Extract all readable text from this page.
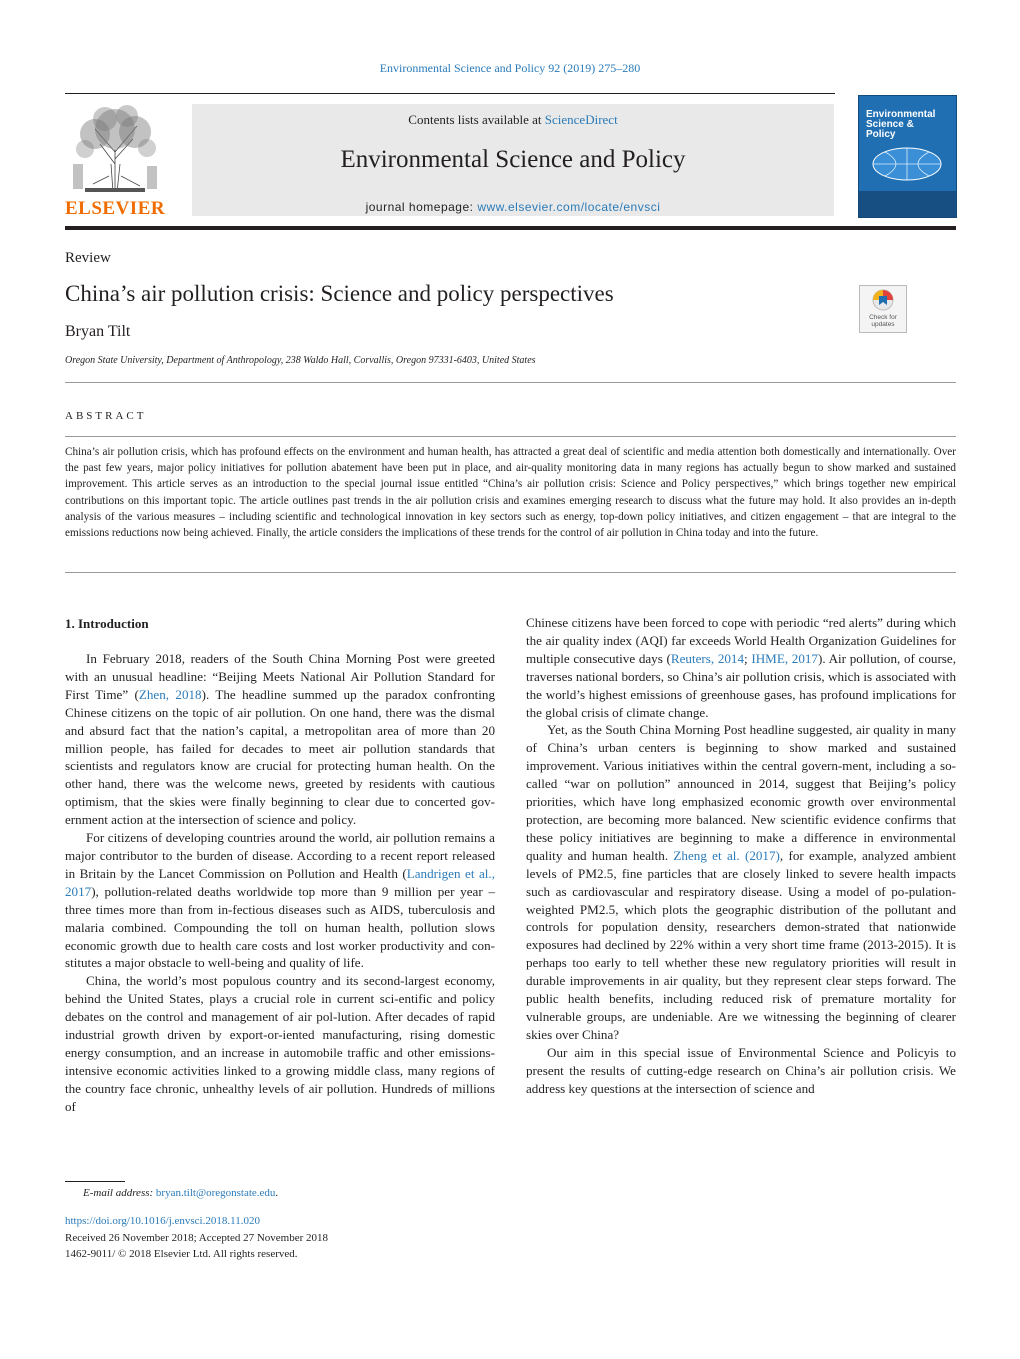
Environmental Science and Policy 92 (2019) 275–280
ELSEVIER
Contents lists available at ScienceDirect
Environmental Science and Policy
journal homepage: www.elsevier.com/locate/envsci
Environmental
Science &
Policy
Review
China’s air pollution crisis: Science and policy perspectives
Bryan Tilt
Oregon State University, Department of Anthropology, 238 Waldo Hall, Corvallis, Oregon 97331-6403, United States
Check for updates
ABSTRACT
China’s air pollution crisis, which has profound effects on the environment and human health, has attracted a great deal of scientific and media attention both domestically and internationally. Over the past few years, major policy initiatives for pollution abatement have been put in place, and air-quality monitoring data in many regions has actually begun to show marked and sustained improvement. This article serves as an introduction to the special journal issue entitled “China’s air pollution crisis: Science and Policy perspectives,” which brings together new empirical contributions on this important topic. The article outlines past trends in the air pollution crisis and examines emerging research to discuss what the future may hold. It also provides an in-depth analysis of the various measures – including scientific and technological innovation in key sectors such as energy, top-down policy initiatives, and citizen engagement – that are integral to the emissions reductions now being achieved. Finally, the article considers the implications of these trends for the control of air pollution in China today and into the future.
1. Introduction

In February 2018, readers of the South China Morning Post were greeted with an unusual headline: “Beijing Meets National Air Pollution Standard for First Time” (Zhen, 2018). The headline summed up the paradox confronting Chinese citizens on the topic of air pollution. On one hand, there was the dismal and absurd fact that the nation’s capital, a metropolitan area of more than 20 million people, has failed for decades to meet air pollution standards that scientists and regulators know are crucial for protecting human health. On the other hand, there was the welcome news, greeted by residents with cautious optimism, that the skies were finally beginning to clear due to concerted gov-ernment action at the intersection of science and policy.

For citizens of developing countries around the world, air pollution remains a major contributor to the burden of disease. According to a recent report released in Britain by the Lancet Commission on Pollution and Health (Landrigen et al., 2017), pollution-related deaths worldwide top more than 9 million per year – three times more than from in-fectious diseases such as AIDS, tuberculosis and malaria combined. Compounding the toll on human health, pollution slows economic growth due to health care costs and lost worker productivity and con-stitutes a major obstacle to well-being and quality of life.

China, the world’s most populous country and its second-largest economy, behind the United States, plays a crucial role in current sci-entific and policy debates on the control and management of air pol-lution. After decades of rapid industrial growth driven by export-or-iented manufacturing, rising domestic energy consumption, and an increase in automobile traffic and other emissions-intensive economic activities linked to a growing middle class, many regions of the country face chronic, unhealthy levels of air pollution. Hundreds of millions of

Chinese citizens have been forced to cope with periodic “red alerts” during which the air quality index (AQI) far exceeds World Health Organization Guidelines for multiple consecutive days (Reuters, 2014; IHME, 2017). Air pollution, of course, traverses national borders, so China’s air pollution crisis, which is associated with the world’s highest emissions of greenhouse gases, has profound implications for the global crisis of climate change.

Yet, as the South China Morning Post headline suggested, air quality in many of China’s urban centers is beginning to show marked and sustained improvement. Various initiatives within the central govern-ment, including a so-called “war on pollution” announced in 2014, suggest that Beijing’s policy priorities, which have long emphasized economic growth over environmental protection, are becoming more balanced. New scientific evidence confirms that these policy initiatives are beginning to make a difference in environmental quality and human health. Zheng et al. (2017), for example, analyzed ambient levels of PM2.5, fine particles that are closely linked to severe health impacts such as cardiovascular and respiratory disease. Using a model of po-pulation-weighted PM2.5, which plots the geographic distribution of the pollutant and controls for population density, researchers demon-strated that nationwide exposures had declined by 22% within a very short time frame (2013-2015). It is perhaps too early to tell whether these new regulatory priorities will result in durable improvements in air quality, but they represent clear steps forward. The public health benefits, including reduced risk of premature mortality for vulnerable groups, are undeniable. Are we witnessing the beginning of clearer skies over China?

Our aim in this special issue of Environmental Science and Policyis to present the results of cutting-edge research on China’s air pollution crisis. We address key questions at the intersection of science and

E-mail address: bryan.tilt@oregonstate.edu.
https://doi.org/10.1016/j.envsci.2018.11.020
Received 26 November 2018; Accepted 27 November 2018
1462-9011/ © 2018 Elsevier Ltd. All rights reserved.
